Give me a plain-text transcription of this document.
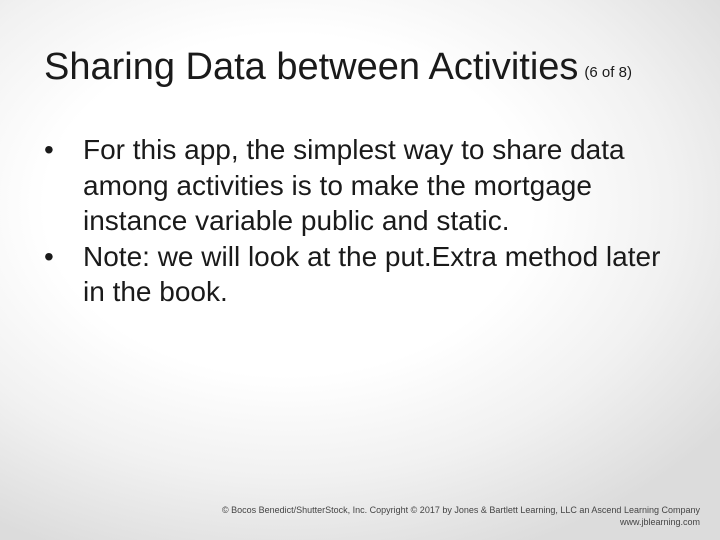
Sharing Data between Activities (6 of 8)
• For this app, the simplest way to share data among activities is to make the mortgage instance variable public and static.
• Note: we will look at the put.Extra method later in the book.
© Bocos Benedict/ShutterStock, Inc. Copyright © 2017 by Jones & Bartlett Learning, LLC an Ascend Learning Company
www.jblearning.com
